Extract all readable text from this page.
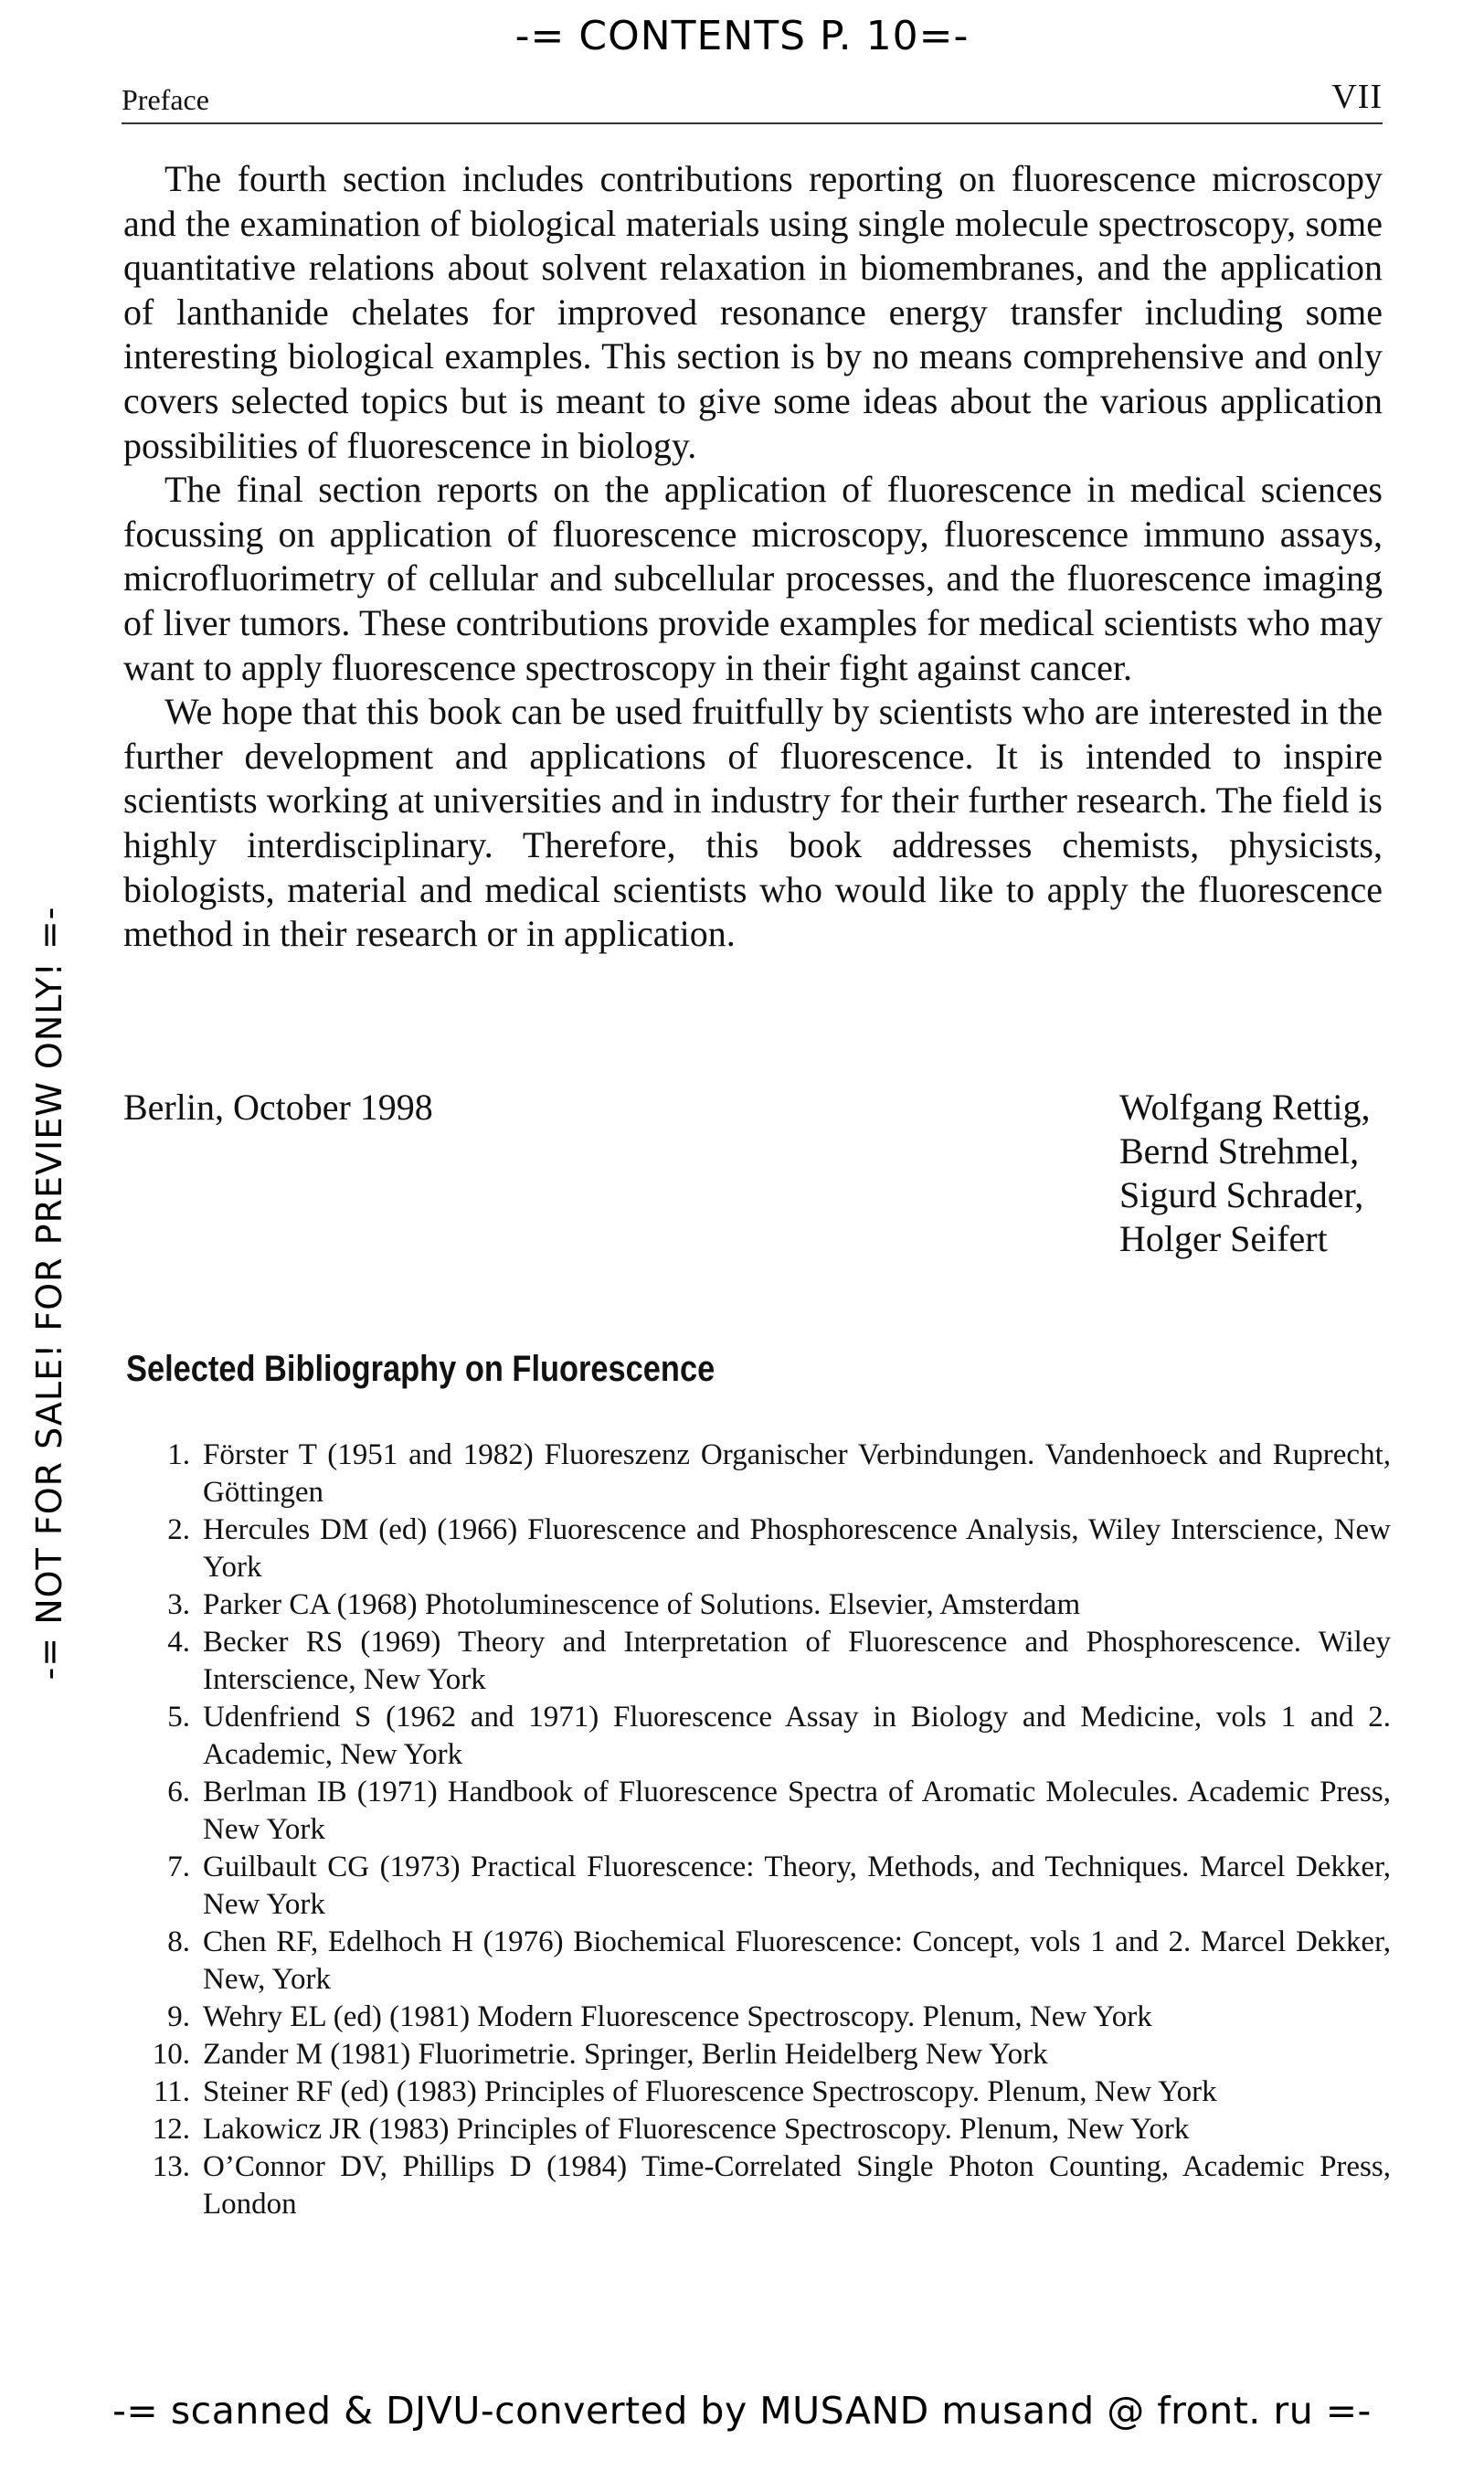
-= CONTENTS P. 10=-
-= NOT FOR SALE! FOR PREVIEW ONLY! =-
Preface	VII

The fourth section includes contributions reporting on fluorescence microscopy and the examination of biological materials using single molecule spectroscopy, some quantitative relations about solvent relaxation in biomembranes, and the application of lanthanide chelates for improved resonance energy transfer including some interesting biological examples. This section is by no means comprehensive and only covers selected topics but is meant to give some ideas about the various application possibilities of fluorescence in biology.

The final section reports on the application of fluorescence in medical sciences focussing on application of fluorescence microscopy, fluorescence immuno assays, microfluorimetry of cellular and subcellular processes, and the fluorescence imaging of liver tumors. These contributions provide examples for medical scientists who may want to apply fluorescence spectroscopy in their fight against cancer.

We hope that this book can be used fruitfully by scientists who are interested in the further development and applications of fluorescence. It is intended to inspire scientists working at universities and in industry for their further research. The field is highly interdisciplinary. Therefore, this book addresses chemists, physicists, biologists, material and medical scientists who would like to apply the fluorescence method in their research or in application.

Berlin, October 1998	Wolfgang Rettig,
Bernd Strehmel,
Sigurd Schrader,
Holger Seifert
Selected Bibliography on Fluorescence
1. Förster T (1951 and 1982) Fluoreszenz Organischer Verbindungen. Vandenhoeck and Ruprecht, Göttingen
2. Hercules DM (ed) (1966) Fluorescence and Phosphorescence Analysis, Wiley Interscience, New York
3. Parker CA (1968) Photoluminescence of Solutions. Elsevier, Amsterdam
4. Becker RS (1969) Theory and Interpretation of Fluorescence and Phosphorescence. Wiley Interscience, New York
5. Udenfriend S (1962 and 1971) Fluorescence Assay in Biology and Medicine, vols 1 and 2. Academic, New York
6. Berlman IB (1971) Handbook of Fluorescence Spectra of Aromatic Molecules. Academic Press, New York
7. Guilbault CG (1973) Practical Fluorescence: Theory, Methods, and Techniques. Marcel Dekker, New York
8. Chen RF, Edelhoch H (1976) Biochemical Fluorescence: Concept, vols 1 and 2. Marcel Dekker, New, York
9. Wehry EL (ed) (1981) Modern Fluorescence Spectroscopy. Plenum, New York
10. Zander M (1981) Fluorimetrie. Springer, Berlin Heidelberg New York
11. Steiner RF (ed) (1983) Principles of Fluorescence Spectroscopy. Plenum, New York
12. Lakowicz JR (1983) Principles of Fluorescence Spectroscopy. Plenum, New York
13. O’Connor DV, Phillips D (1984) Time-Correlated Single Photon Counting, Academic Press, London
-= scanned & DJVU-converted by MUSAND musand @ front. ru =-
